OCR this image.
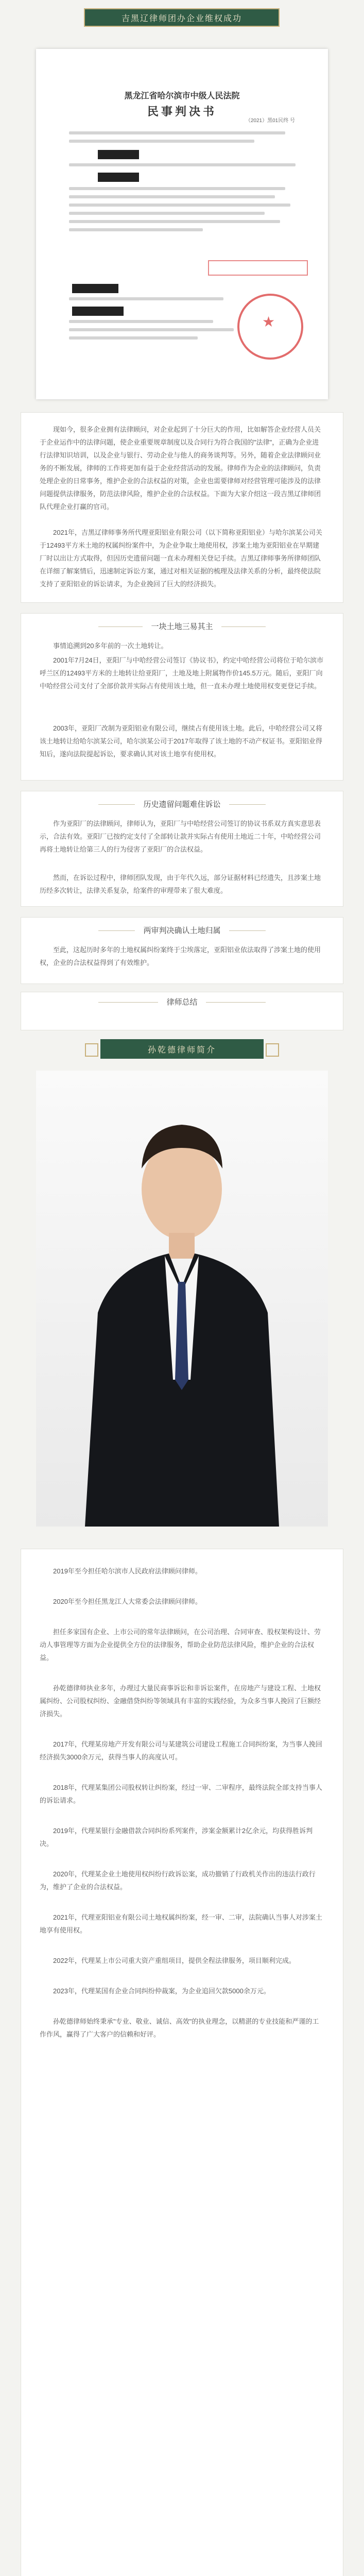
吉黑辽律师团办企业维权成功
黑龙江省哈尔滨市中级人民法院
民事判决书
（2021）黑01民终 号
★
现如今，很多企业拥有法律顾问，对企业起到了十分巨大的作用，比如解答企业经营人员关于企业运作中的法律问题，使企业重要规章制度以及合同行为符合我国的"法律"，正确为企业进行法律知识培训，以及企业与银行、劳动企业与他人的商务谈判等。另外，随着企业法律顾问业务的不断发展，律师的工作将更加有益于企业经营活动的发展。律师作为企业的法律顾问，负责处理企业的日常事务，维护企业的合法权益的对策，企业也需要律师对经营管理可能涉及的法律问题提供法律服务，防范法律风险，维护企业的合法权益。下面为大家介绍这一段吉黑辽律师团队代理企业打赢的官司。
2021年，吉黑辽律师事务所代理亚阳铝业有限公司（以下简称亚阳铝业）与哈尔滨某公司关于12493平方米土地的权属纠纷案件中，为企业争取土地使用权，涉案土地为亚阳铝业在早期建厂时以出让方式取得，但因历史遗留问题一直未办理相关登记手续。吉黑辽律师事务所律师团队在详细了解案情后，迅速制定诉讼方案，通过对相关证据的梳理及法律关系的分析，最终使法院支持了亚阳铝业的诉讼请求，为企业挽回了巨大的经济损失。
一块土地三易其主
事情追溯到20多年前的一次土地转让。
2001年7月24日，亚阳厂与中哈经营公司签订《协议书》，约定中哈经营公司将位于哈尔滨市呼兰区的12493平方米的土地转让给亚阳厂，土地及地上附属物作价145.5万元。随后，亚阳厂向中哈经营公司支付了全部价款并实际占有使用该土地，但一直未办理土地使用权变更登记手续。
2003年，亚阳厂改制为亚阳铝业有限公司，继续占有使用该土地。此后，中哈经营公司又将该土地转让给哈尔滨某公司，哈尔滨某公司于2017年取得了该土地的不动产权证书。亚阳铝业得知后，遂向法院提起诉讼，要求确认其对该土地享有使用权。
历史遗留问题难住诉讼
作为亚阳厂的法律顾问，律师认为，亚阳厂与中哈经营公司签订的协议书系双方真实意思表示，合法有效。亚阳厂已按约定支付了全部转让款并实际占有使用土地近二十年，中哈经营公司再将土地转让给第三人的行为侵害了亚阳厂的合法权益。
然而，在诉讼过程中，律师团队发现，由于年代久远，部分证据材料已经遗失，且涉案土地历经多次转让，法律关系复杂，给案件的审理带来了很大难度。
两审判决确认土地归属
至此，这起历时多年的土地权属纠纷案终于尘埃落定，亚阳铝业依法取得了涉案土地的使用权，企业的合法权益得到了有效维护。
律师总结
孙乾德律师简介

2019年至今担任哈尔滨市人民政府法律顾问律师。

2020年至今担任黑龙江人大常委会法律顾问律师。

担任多家国有企业、上市公司的常年法律顾问，在公司治理、合同审查、股权架构设计、劳动人事管理等方面为企业提供全方位的法律服务，帮助企业防范法律风险，维护企业的合法权益。

孙乾德律师执业多年，办理过大量民商事诉讼和非诉讼案件，在房地产与建设工程、土地权属纠纷、公司股权纠纷、金融借贷纠纷等领域具有丰富的实践经验，为众多当事人挽回了巨额经济损失。

2017年，代理某房地产开发有限公司与某建筑公司建设工程施工合同纠纷案，为当事人挽回经济损失3000余万元，获得当事人的高度认可。

2018年，代理某集团公司股权转让纠纷案，经过一审、二审程序，最终法院全部支持当事人的诉讼请求。

2019年，代理某银行金融借款合同纠纷系列案件，涉案金额累计2亿余元，均获得胜诉判决。

2020年，代理某企业土地使用权纠纷行政诉讼案，成功撤销了行政机关作出的违法行政行为，维护了企业的合法权益。

2021年，代理亚阳铝业有限公司土地权属纠纷案，经一审、二审，法院确认当事人对涉案土地享有使用权。

2022年，代理某上市公司重大资产重组项目，提供全程法律服务，项目顺利完成。

2023年，代理某国有企业合同纠纷仲裁案，为企业追回欠款5000余万元。

孙乾德律师始终秉承"专业、敬业、诚信、高效"的执业理念，以精湛的专业技能和严谨的工作作风，赢得了广大客户的信赖和好评。
